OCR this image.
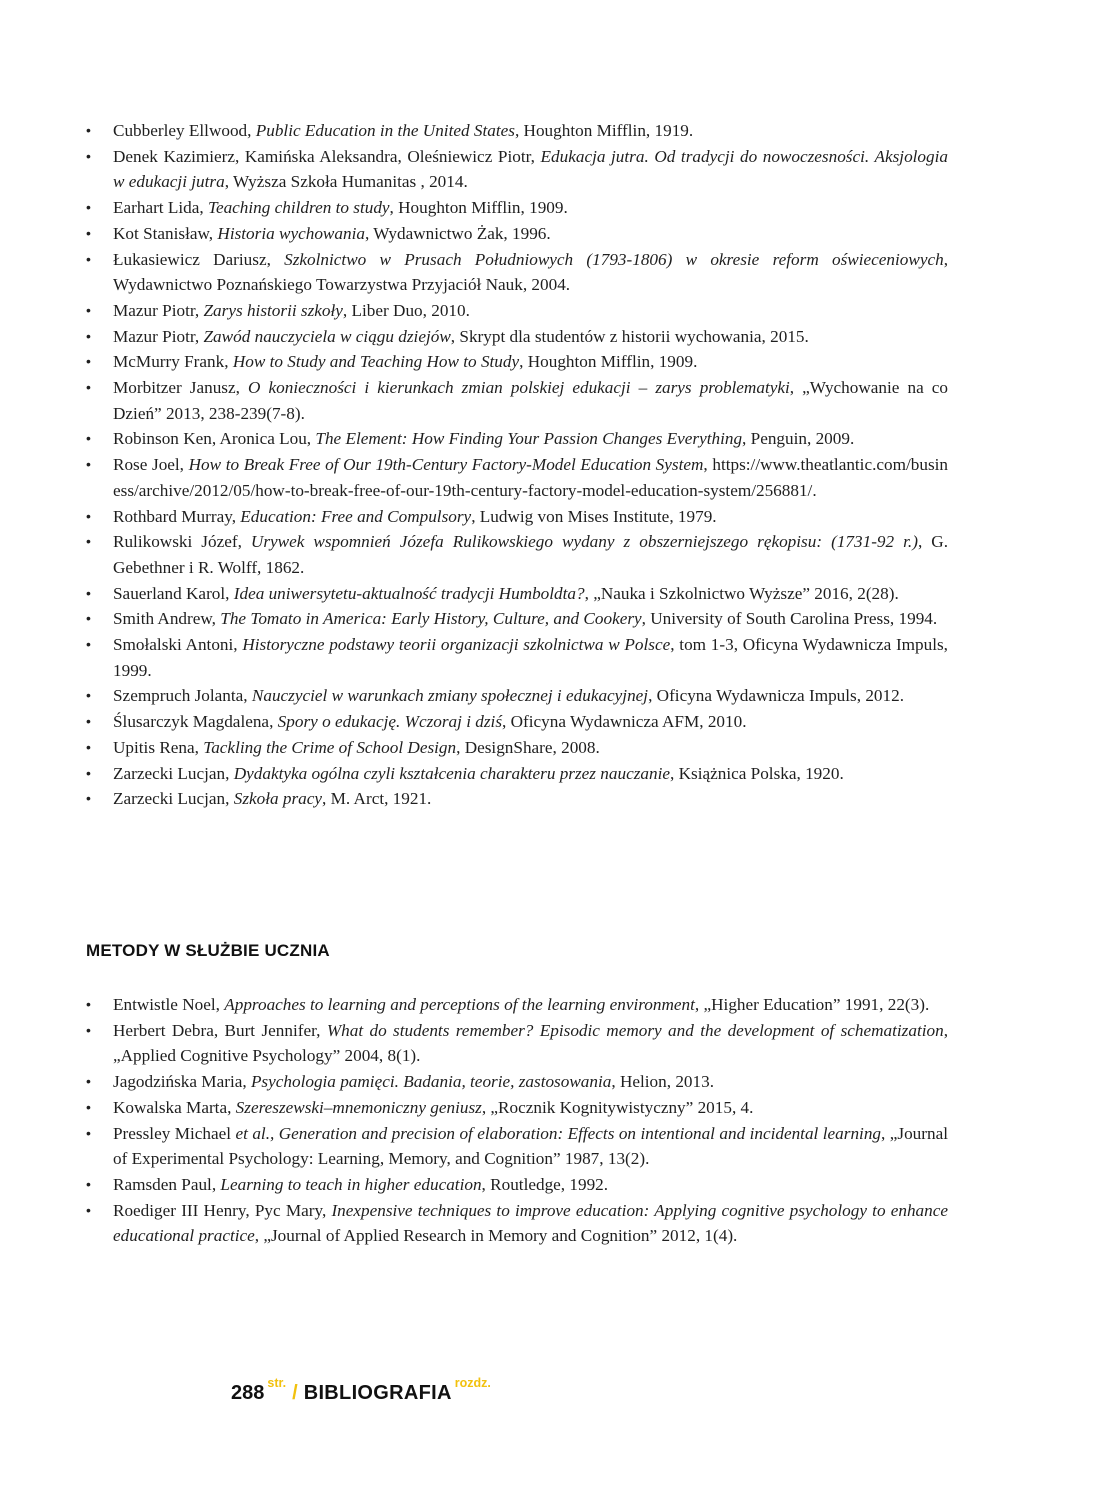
• Cubberley Ellwood, Public Education in the United States, Houghton Mifflin, 1919.
• Denek Kazimierz, Kamińska Aleksandra, Oleśniewicz Piotr, Edukacja jutra. Od tradycji do nowoczesności. Aksjologia w edukacji jutra, Wyższa Szkoła Humanitas , 2014.
• Earhart Lida, Teaching children to study, Houghton Mifflin, 1909.
• Kot Stanisław, Historia wychowania, Wydawnictwo Żak, 1996.
• Łukasiewicz Dariusz, Szkolnictwo w Prusach Południowych (1793-1806) w okresie reform oświeceniowych, Wydawnictwo Poznańskiego Towarzystwa Przyjaciół Nauk, 2004.
• Mazur Piotr, Zarys historii szkoły, Liber Duo, 2010.
• Mazur Piotr, Zawód nauczyciela w ciągu dziejów, Skrypt dla studentów z historii wychowania, 2015.
• McMurry Frank, How to Study and Teaching How to Study, Houghton Mifflin, 1909.
• Morbitzer Janusz, O konieczności i kierunkach zmian polskiej edukacji – zarys problematyki, „Wychowanie na co Dzień” 2013, 238-239(7-8).
• Robinson Ken, Aronica Lou, The Element: How Finding Your Passion Changes Everything, Penguin, 2009.
• Rose Joel, How to Break Free of Our 19th-Century Factory-Model Education System, https://www.theatlantic.com/business/archive/2012/05/how-to-break-free-of-our-19th-century-factory-model-education-system/256881/.
• Rothbard Murray, Education: Free and Compulsory, Ludwig von Mises Institute, 1979.
• Rulikowski Józef, Urywek wspomnień Józefa Rulikowskiego wydany z obszerniejszego rękopisu: (1731-92 r.), G. Gebethner i R. Wolff, 1862.
• Sauerland Karol, Idea uniwersytetu-aktualność tradycji Humboldta?, „Nauka i Szkolnictwo Wyższe” 2016, 2(28).
• Smith Andrew, The Tomato in America: Early History, Culture, and Cookery, University of South Carolina Press, 1994.
• Smołalski Antoni, Historyczne podstawy teorii organizacji szkolnictwa w Polsce, tom 1-3, Oficyna Wydawnicza Impuls, 1999.
• Szempruch Jolanta, Nauczyciel w warunkach zmiany społecznej i edukacyjnej, Oficyna Wydawnicza Impuls, 2012.
• Ślusarczyk Magdalena, Spory o edukację. Wczoraj i dziś, Oficyna Wydawnicza AFM, 2010.
• Upitis Rena, Tackling the Crime of School Design, DesignShare, 2008.
• Zarzecki Lucjan, Dydaktyka ogólna czyli kształcenia charakteru przez nauczanie, Książnica Polska, 1920.
• Zarzecki Lucjan, Szkoła pracy, M. Arct, 1921.
METODY W SŁUŻBIE UCZNIA
• Entwistle Noel, Approaches to learning and perceptions of the learning environment, „Higher Education” 1991, 22(3).
• Herbert Debra, Burt Jennifer, What do students remember? Episodic memory and the development of schematization, „Applied Cognitive Psychology” 2004, 8(1).
• Jagodzińska Maria, Psychologia pamięci. Badania, teorie, zastosowania, Helion, 2013.
• Kowalska Marta, Szereszewski–mnemoniczny geniusz, „Rocznik Kognitywistyczny” 2015, 4.
• Pressley Michael et al., Generation and precision of elaboration: Effects on intentional and incidental learning, „Journal of Experimental Psychology: Learning, Memory, and Cognition” 1987, 13(2).
• Ramsden Paul, Learning to teach in higher education, Routledge, 1992.
• Roediger III Henry, Pyc Mary, Inexpensive techniques to improve education: Applying cognitive psychology to enhance educational practice, „Journal of Applied Research in Memory and Cognition” 2012, 1(4).
288 $^{str.}$ / BIBLIOGRAFIA $^{rozdz.}$
